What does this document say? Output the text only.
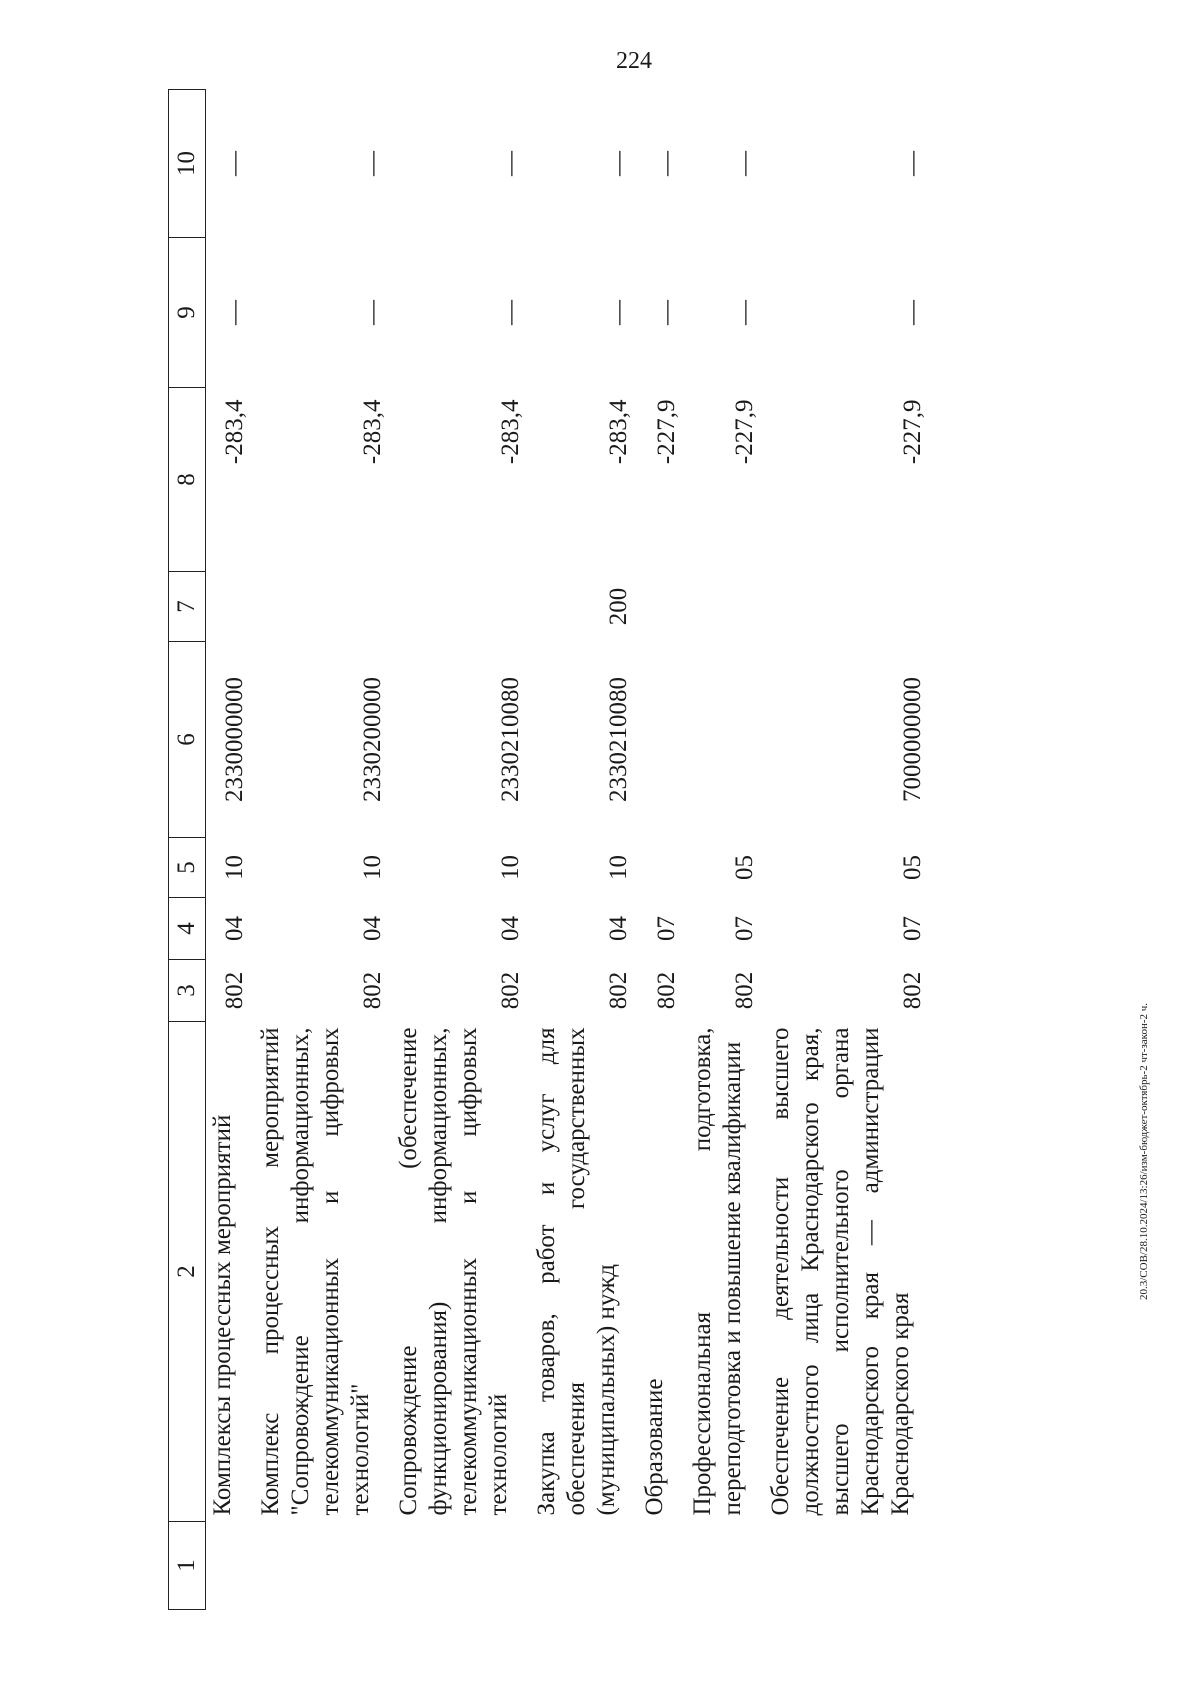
224
1	2	3	4	5	6	7	8	9	10
	Комплексы процессных мероприятий	802	04	10	2330000000		-283,4	—	—
	Комплекс процессных мероприятий "Сопровождение информационных, телекоммуникационных и цифровых технологий"	802	04	10	2330200000		-283,4	—	—
	Сопровождение (обеспечение функционирования) информационных, телекоммуникационных и цифровых технологий	802	04	10	2330210080		-283,4	—	—
	Закупка товаров, работ и услуг для обеспечения государственных (муниципальных) нужд	802	04	10	2330210080	200	-283,4	—	—
	Образование	802	07				-227,9	—	—
	Профессиональная подготовка, переподготовка и повышение квалификации	802	07	05			-227,9	—	—
	Обеспечение деятельности высшего должностного лица Краснодарского края, высшего исполнительного органа Краснодарского края — администрации Краснодарского края	802	07	05	7000000000		-227,9	—	—
20.3/СОВ/28.10.2024/13:26/изм-бюджет-октябрь-2 чт-закон-2 ч.
